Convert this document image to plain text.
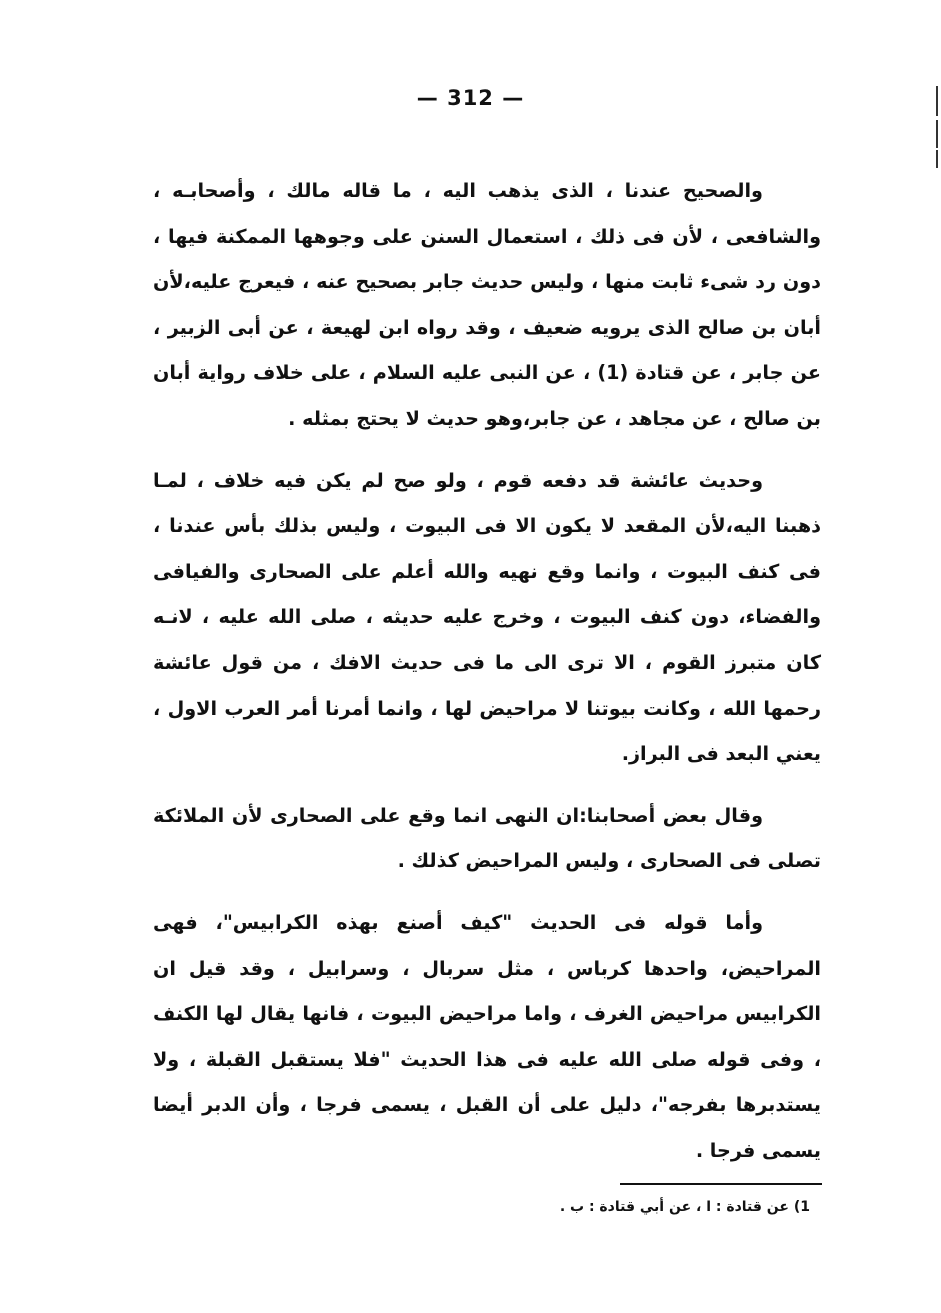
— 312 —

والصحيح عندنا ، الذى يذهب اليه ، ما قاله مالك ، وأصحابـه ، والشافعى ، لأن فى ذلك ، استعمال السنن على وجوهها الممكنة فيها ، دون رد شىء ثابت منها ، وليس حديث جابر بصحيح عنه ، فيعرج عليه،لأن أبان بن صالح الذى يرويه ضعيف ، وقد رواه ابن لهيعة ، عن أبى الزبير ، عن جابر ، عن قتادة (1) ، عن النبى عليه السلام ، على خلاف رواية أبان بن صالح ، عن مجاهد ، عن جابر،وهو حديث لا يحتج بمثله .

وحديث عائشة قد دفعه قوم ، ولو صح لم يكن فيه خلاف ، لمـا ذهبنا اليه،لأن المقعد لا يكون الا فى البيوت ، وليس بذلك بأس عندنا ، فى كنف البيوت ، وانما وقع نهيه والله أعلم على الصحارى والفيافى والفضاء، دون كنف البيوت ، وخرج عليه حديثه ، صلى الله عليه ، لانـه كان متبرز القوم ، الا ترى الى ما فى حديث الافك ، من قول عائشة رحمها الله ، وكانت بيوتنا لا مراحيض لها ، وانما أمرنا أمر العرب الاول ، يعني البعد فى البراز.

وقال بعض أصحابنا:ان النهى انما وقع على الصحارى لأن الملائكة تصلى فى الصحارى ، وليس المراحيض كذلك .

وأما قوله فى الحديث "كيف أصنع بهذه الكرابيس"، فهى المراحيض، واحدها كرباس ، مثل سربال ، وسرابيل ، وقد قيل ان الكرابيس مراحيض الغرف ، واما مراحيض البيوت ، فانها يقال لها الكنف ، وفى قوله صلى الله عليه فى هذا الحديث "فلا يستقبل القبلة ، ولا يستدبرها بفرجه"، دليل على أن القبل ، يسمى فرجا ، وأن الدبر أيضا يسمى فرجا .

1) عن قتادة : ا ، عن أبي قتادة : ب .
